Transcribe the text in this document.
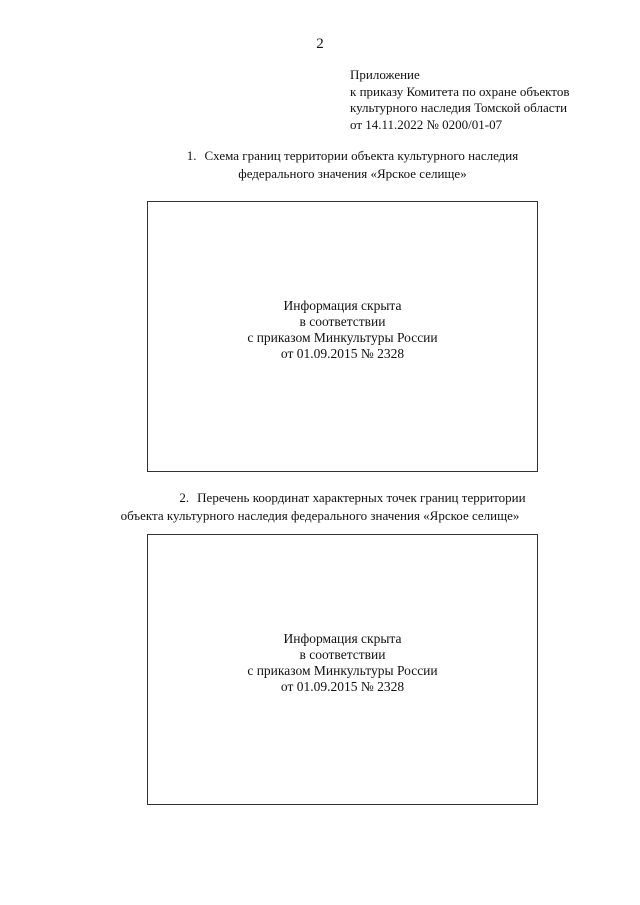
2

Приложение
к приказу Комитета по охране объектов
культурного наследия Томской области
от 14.11.2022 № 0200/01-07
1. Схема границ территории объекта культурного наследия
федерального значения «Ярское селище»
Информация скрыта
в соответствии
с приказом Минкультуры России
от 01.09.2015 № 2328
2. Перечень координат характерных точек границ территории
объекта культурного наследия федерального значения «Ярское селище»
Информация скрыта
в соответствии
с приказом Минкультуры России
от 01.09.2015 № 2328
